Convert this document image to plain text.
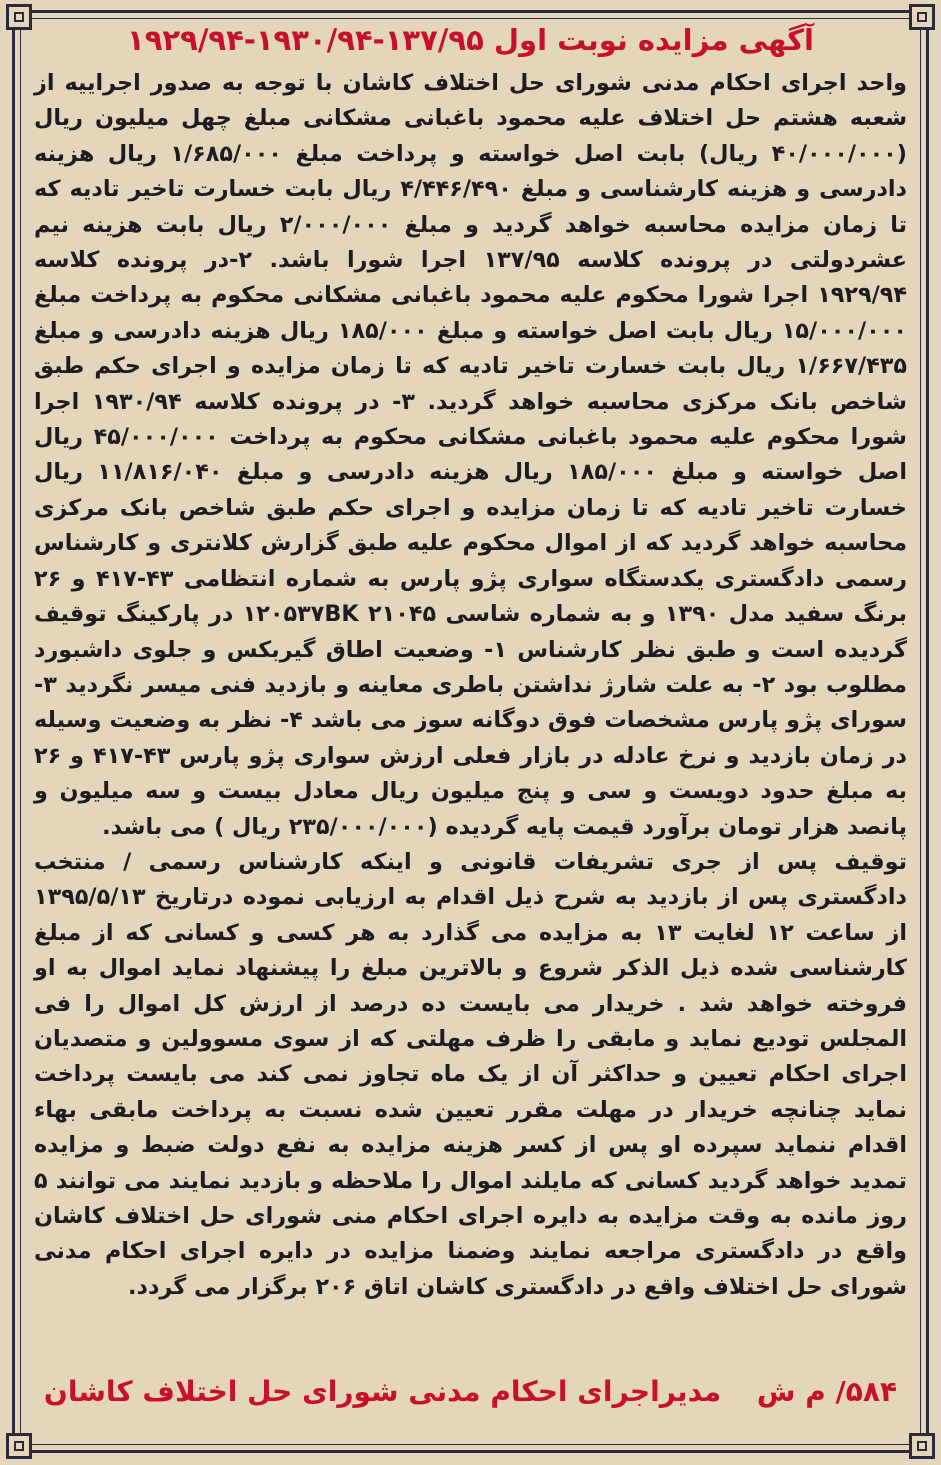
آگهی مزایده نوبت اول ۱۳۷/۹۵-۱۹۳۰/۹۴-۱۹۲۹/۹۴

واحد اجرای احکام مدنی شورای حل اختلاف کاشان با توجه به صدور اجراییه از شعبه هشتم حل اختلاف علیه محمود باغبانی مشکانی مبلغ چهل میلیون ریال (۴۰/۰۰۰/۰۰۰ ریال) بابت اصل خواسته و پرداخت مبلغ ۱/۶۸۵/۰۰۰ ریال هزینه دادرسی و هزینه کارشناسی و مبلغ ۴/۴۴۶/۴۹۰ ریال بابت خسارت تاخیر تادیه که تا زمان مزایده محاسبه خواهد گردید و مبلغ ۲/۰۰۰/۰۰۰ ریال بابت هزینه نیم عشردولتی در پرونده کلاسه ۱۳۷/۹۵ اجرا شورا باشد. ۲-در پرونده کلاسه ۱۹۲۹/۹۴ اجرا شورا محکوم علیه محمود باغبانی مشکانی محکوم به پرداخت مبلغ ۱۵/۰۰۰/۰۰۰ ریال بابت اصل خواسته و مبلغ ۱۸۵/۰۰۰ ریال هزینه دادرسی و مبلغ ۱/۶۶۷/۴۳۵ ریال بابت خسارت تاخیر تادیه که تا زمان مزایده و اجرای حکم طبق شاخص بانک مرکزی محاسبه خواهد گردید. ۳- در پرونده کلاسه ۱۹۳۰/۹۴ اجرا شورا محکوم علیه محمود باغبانی مشکانی محکوم به پرداخت ۴۵/۰۰۰/۰۰۰ ریال اصل خواسته و مبلغ ۱۸۵/۰۰۰ ریال هزینه دادرسی و مبلغ ۱۱/۸۱۶/۰۴۰ ریال خسارت تاخیر تادیه که تا زمان مزایده و اجرای حکم طبق شاخص بانک مرکزی محاسبه خواهد گردید که از اموال محکوم علیه طبق گزارش کلانتری و کارشناس رسمی دادگستری یکدستگاه سواری پژو پارس به شماره انتظامی ۴۳-۴۱۷ و ۲۶ برنگ سفید مدل ۱۳۹۰ و به شماره شاسی ۱۲۰۵۳۷BK ۲۱۰۴۵ در پارکینگ توقیف گردیده است و طبق نظر کارشناس ۱- وضعیت اطاق گیربکس و جلوی داشبورد مطلوب بود ۲- به علت شارژ نداشتن باطری معاینه و بازدید فنی میسر نگردید ۳- سورای پژو پارس مشخصات فوق دوگانه سوز می باشد ۴- نظر به وضعیت وسیله در زمان بازدید و نرخ عادله در بازار فعلی ارزش سواری پژو پارس ۴۳-۴۱۷ و ۲۶ به مبلغ حدود دویست و سی و پنج میلیون ریال معادل بیست و سه میلیون و پانصد هزار تومان برآورد قیمت پایه گردیده (۲۳۵/۰۰۰/۰۰۰ ریال ) می باشد.

توقیف پس از جری تشریفات قانونی و اینکه کارشناس رسمی / منتخب دادگستری پس از بازدید به شرح ذیل اقدام به ارزیابی نموده درتاریخ ۱۳۹۵/۵/۱۳ از ساعت ۱۲ لغایت ۱۳ به مزایده می گذارد به هر کسی و کسانی که از مبلغ کارشناسی شده ذیل الذکر شروع و بالاترین مبلغ را پیشنهاد نماید اموال به او فروخته خواهد شد . خریدار می بایست ده درصد از ارزش کل اموال را فی المجلس تودیع نماید و مابقی را ظرف مهلتی که از سوی مسوولین و متصدیان اجرای احکام تعیین و حداکثر آن از یک ماه تجاوز نمی کند می بایست پرداخت نماید چنانچه خریدار در مهلت مقرر تعیین شده نسبت به پرداخت مابقی بهاء اقدام ننماید سپرده او پس از کسر هزینه مزایده به نفع دولت ضبط و مزایده تمدید خواهد گردید کسانی که مایلند اموال را ملاحظه و بازدید نمایند می توانند ۵ روز مانده به وقت مزایده به دایره اجرای احکام منی شورای حل اختلاف کاشان واقع در دادگستری مراجعه نمایند وضمنا مزایده در دایره اجرای احکام مدنی شورای حل اختلاف واقع در دادگستری کاشان اتاق ۲۰۶ برگزار می گردد.

۵۸۴/ م ش مدیراجرای احکام مدنی شورای حل اختلاف کاشان
